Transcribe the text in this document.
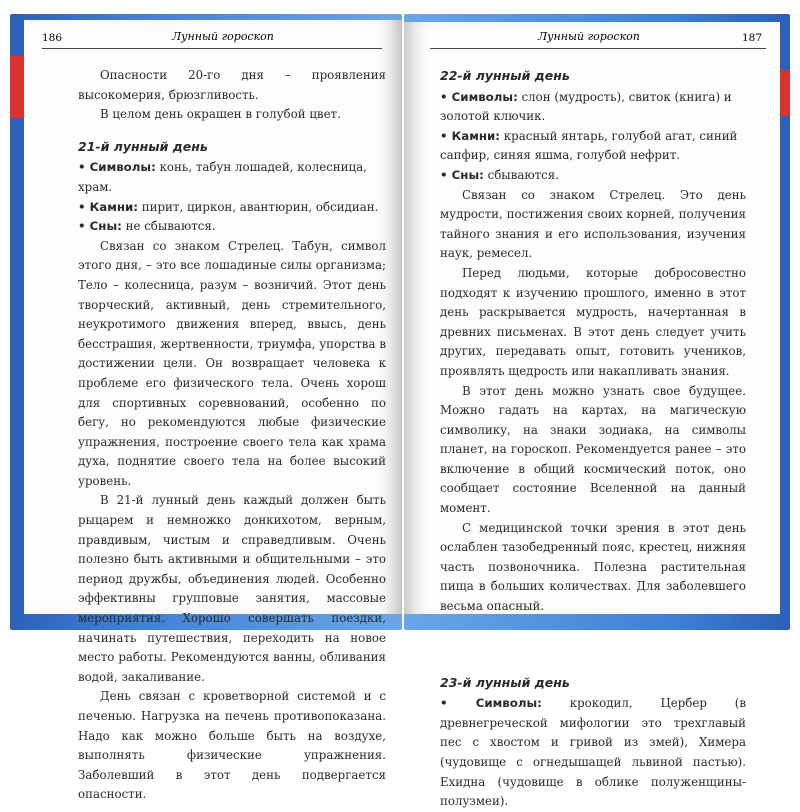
186	Лунный гороскоп	Лунный гороскоп	187

Опасности 20-го дня – проявления высокомерия, брюзгливость.

В целом день окрашен в голубой цвет.

21-й лунный день

• Символы: конь, табун лошадей, колесница, храм.

• Камни: пирит, циркон, авантюрин, обсидиан.

• Сны: не сбываются.

Связан со знаком Стрелец. Табун, символ этого дня, – это все лошадиные силы организма; Тело – колесница, разум – возничий. Этот день творческий, активный, день стремительного, неукротимого движения вперед, ввысь, день бесстрашия, жертвенности, триумфа, упорства в достижении цели. Он возвращает человека к проблеме его физического тела. Очень хорош для спортивных соревнований, особенно по бегу, но рекомендуются любые физические упражнения, построение своего тела как храма духа, поднятие своего тела на более высокий уровень.

В 21-й лунный день каждый должен быть рыцарем и немножко донкихотом, верным, правдивым, чистым и справедливым. Очень полезно быть активными и общительными – это период дружбы, объединения людей. Особенно эффективны групповые занятия, массовые мероприятия. Хорошо совершать поездки, начинать путешествия, переходить на новое место работы. Рекомендуются ванны, обливания водой, закаливание.

День связан с кроветворной системой и с печенью. Нагрузка на печень противопоказана. Надо как можно больше быть на воздухе, выполнять физические упражнения. Заболевший в этот день подвергается опасности.

22-й лунный день

• Символы: слон (мудрость), свиток (книга) и золотой ключик.

• Камни: красный янтарь, голубой агат, синий сапфир, синяя яшма, голубой нефрит.

• Сны: сбываются.

Связан со знаком Стрелец. Это день мудрости, постижения своих корней, получения тайного знания и его использования, изучения наук, ремесел.

Перед людьми, которые добросовестно подходят к изучению прошлого, именно в этот день раскрывается мудрость, начертанная в древних письменах. В этот день следует учить других, передавать опыт, готовить учеников, проявлять щедрость или накапливать знания.

В этот день можно узнать свое будущее. Можно гадать на картах, на магическую символику, на знаки зодиака, на символы планет, на гороскоп. Рекомендуется ранее – это включение в общий космический поток, оно сообщает состояние Вселенной на данный момент.

С медицинской точки зрения в этот день ослаблен тазобедренный пояс, крестец, нижняя часть позвоночника. Полезна растительная пища в больших количествах. Для заболевшего весьма опасный.

23-й лунный день

• Символы: крокодил, Цербер (в древнегреческой мифологии это трехглавый пес с хвостом и гривой из змей), Химера (чудовище с огнедышащей львиной пастью). Ехидна (чудовище в облике полуженщины-полузмеи).
